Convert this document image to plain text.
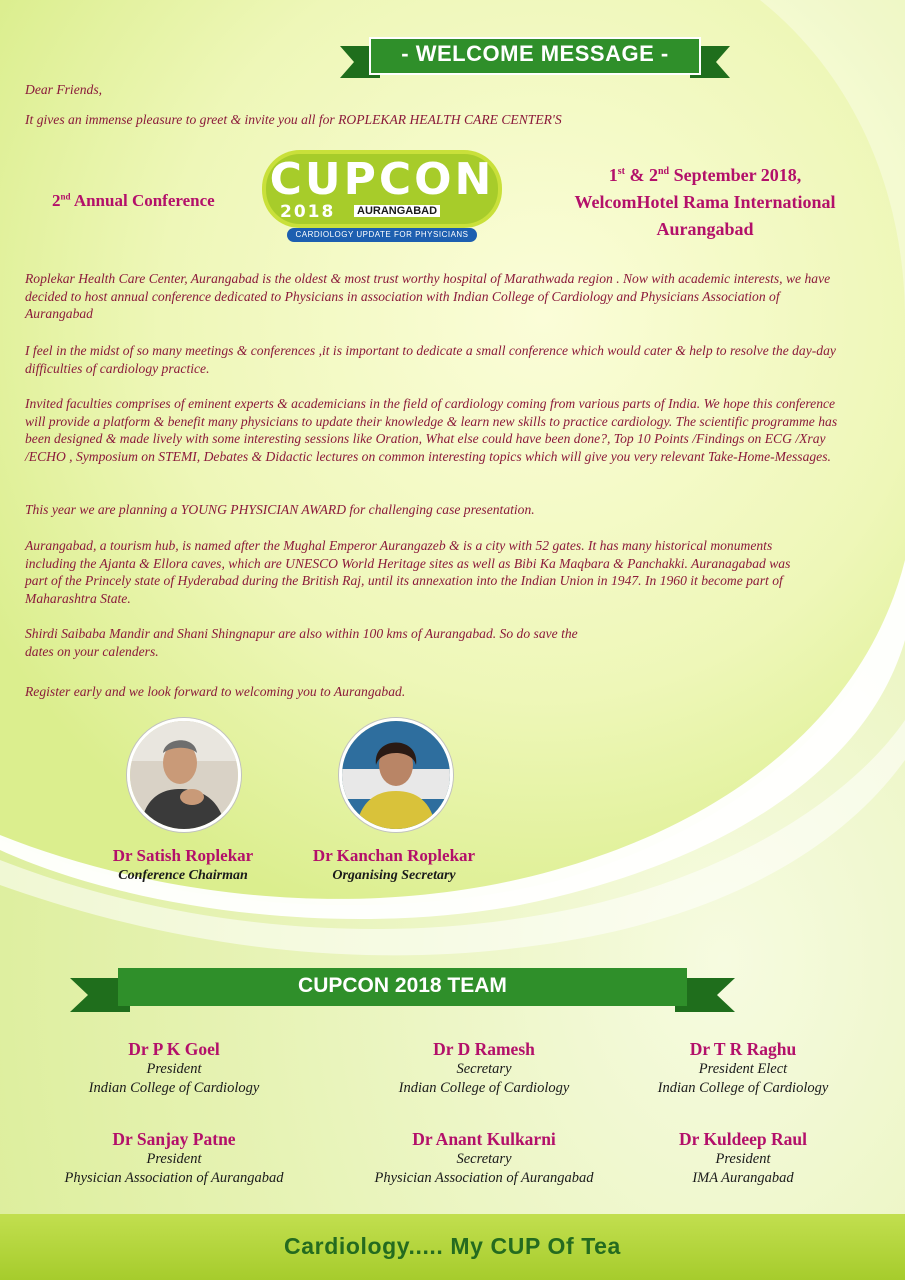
- WELCOME MESSAGE -

Dear Friends,

It gives an immense pleasure to greet & invite you all for ROPLEKAR HEALTH CARE CENTER'S

2nd Annual Conference CUPCON
2018 AURANGABAD
CARDIOLOGY UPDATE FOR PHYSICIANS
1st & 2nd September 2018,
WelcomHotel Rama International
Aurangabad

Roplekar Health Care Center, Aurangabad is the oldest & most trust worthy hospital of Marathwada region . Now with academic interests, we have decided to host annual conference dedicated to Physicians in association with Indian College of Cardiology and Physicians Association of Aurangabad

I feel in the midst of so many meetings & conferences ,it is important to dedicate a small conference which would cater & help to resolve the day-day difficulties of cardiology practice.

Invited faculties comprises of eminent experts & academicians in the field of cardiology coming from various parts of India. We hope this conference will provide a platform & benefit many physicians to update their knowledge & learn new skills to practice cardiology. The scientific programme has been designed & made lively with some interesting sessions like Oration, What else could have been done?, Top 10 Points /Findings on ECG /Xray /ECHO , Symposium on STEMI, Debates & Didactic lectures on common interesting topics which will give you very relevant Take-Home-Messages.

This year we are planning a YOUNG PHYSICIAN AWARD for challenging case presentation.

Aurangabad, a tourism hub, is named after the Mughal Emperor Aurangazeb & is a city with 52 gates. It has many historical monuments including the Ajanta & Ellora caves, which are UNESCO World Heritage sites as well as Bibi Ka Maqbara & Panchakki. Auranagabad was part of the Princely state of Hyderabad during the British Raj, until its annexation into the Indian Union in 1947. In 1960 it become part of Maharashtra State.

Shirdi Saibaba Mandir and Shani Shingnapur are also within 100 kms of Aurangabad. So do save the dates on your calenders.

Register early and we look forward to welcoming you to Aurangabad.

Dr Satish Roplekar
Conference Chairman
Dr Kanchan Roplekar
Organising Secretary
CUPCON 2018 TEAM
Dr P K Goel
President
Indian College of Cardiology
Dr D Ramesh
Secretary
Indian College of Cardiology
Dr T R Raghu
President Elect
Indian College of Cardiology
Dr Sanjay Patne
President
Physician Association of Aurangabad
Dr Anant Kulkarni
Secretary
Physician Association of Aurangabad
Dr Kuldeep Raul
President
IMA Aurangabad

Cardiology..... My CUP Of Tea
